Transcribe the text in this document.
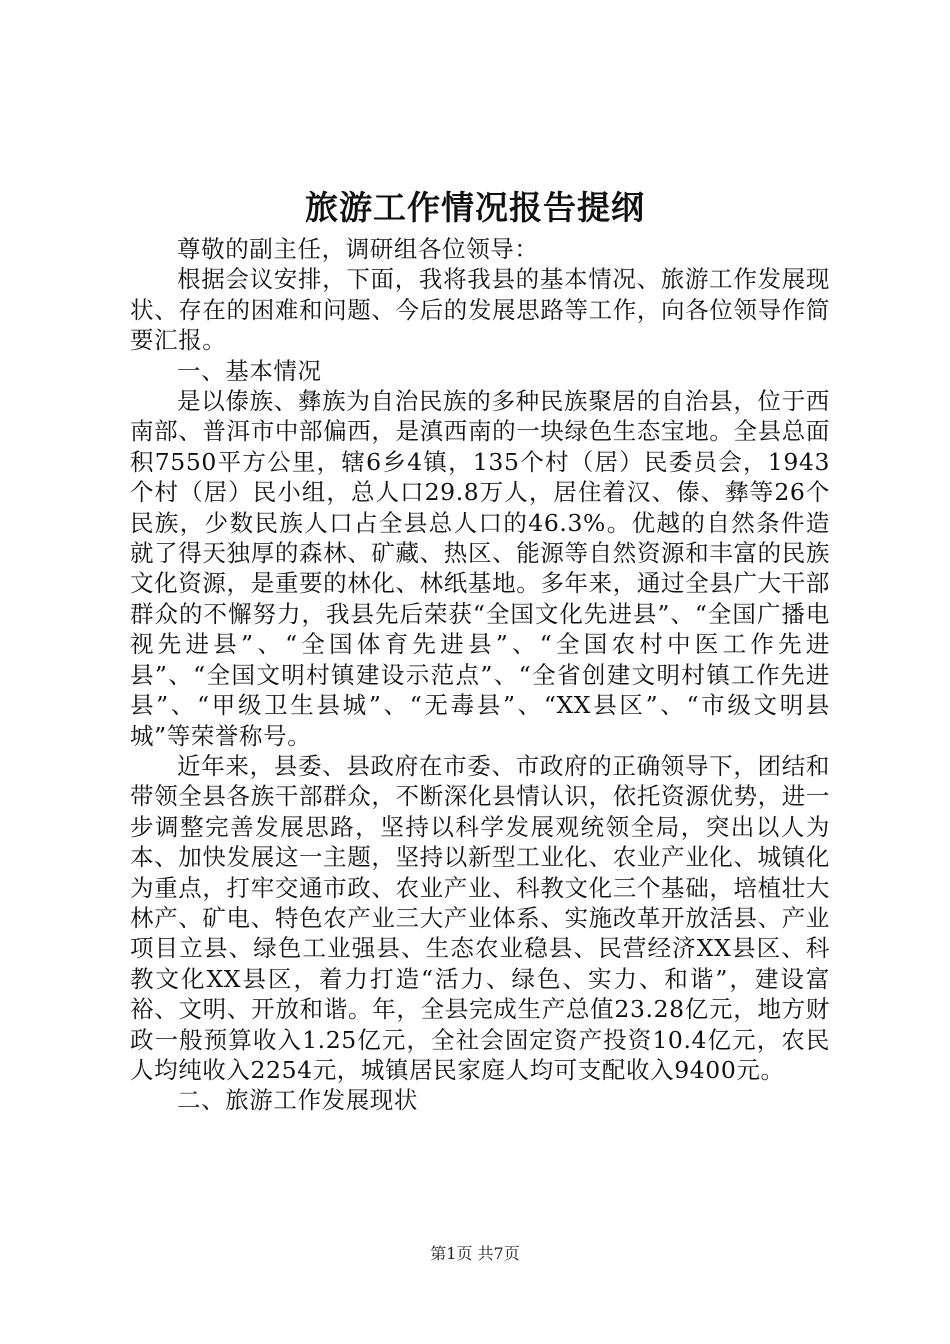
旅游工作情况报告提纲

尊敬的副主任，调研组各位领导：

根据会议安排，下面，我将我县的基本情况、旅游工作发展现状、存在的困难和问题、今后的发展思路等工作，向各位领导作简要汇报。

一、基本情况

是以傣族、彝族为自治民族的多种民族聚居的自治县，位于西南部、普洱市中部偏西，是滇西南的一块绿色生态宝地。全县总面积7550平方公里，辖6乡4镇，135个村（居）民委员会，1943个村（居）民小组，总人口29.8万人，居住着汉、傣、彝等26个民族，少数民族人口占全县总人口的46.3%。优越的自然条件造就了得天独厚的森林、矿藏、热区、能源等自然资源和丰富的民族文化资源，是重要的林化、林纸基地。多年来，通过全县广大干部群众的不懈努力，我县先后荣获“全国文化先进县”、“全国广播电视先进县”、“全国体育先进县”、“全国农村中医工作先进县”、“全国文明村镇建设示范点”、“全省创建文明村镇工作先进县”、“甲级卫生县城”、“无毒县”、“XX县区”、“市级文明县城”等荣誉称号。

近年来，县委、县政府在市委、市政府的正确领导下，团结和带领全县各族干部群众，不断深化县情认识，依托资源优势，进一步调整完善发展思路，坚持以科学发展观统领全局，突出以人为本、加快发展这一主题，坚持以新型工业化、农业产业化、城镇化为重点，打牢交通市政、农业产业、科教文化三个基础，培植壮大林产、矿电、特色农产业三大产业体系、实施改革开放活县、产业项目立县、绿色工业强县、生态农业稳县、民营经济XX县区、科教文化XX县区，着力打造“活力、绿色、实力、和谐”，建设富裕、文明、开放和谐。年，全县完成生产总值23.28亿元，地方财政一般预算收入1.25亿元，全社会固定资产投资10.4亿元，农民人均纯收入2254元，城镇居民家庭人均可支配收入9400元。

二、旅游工作发展现状

第1页 共7页
